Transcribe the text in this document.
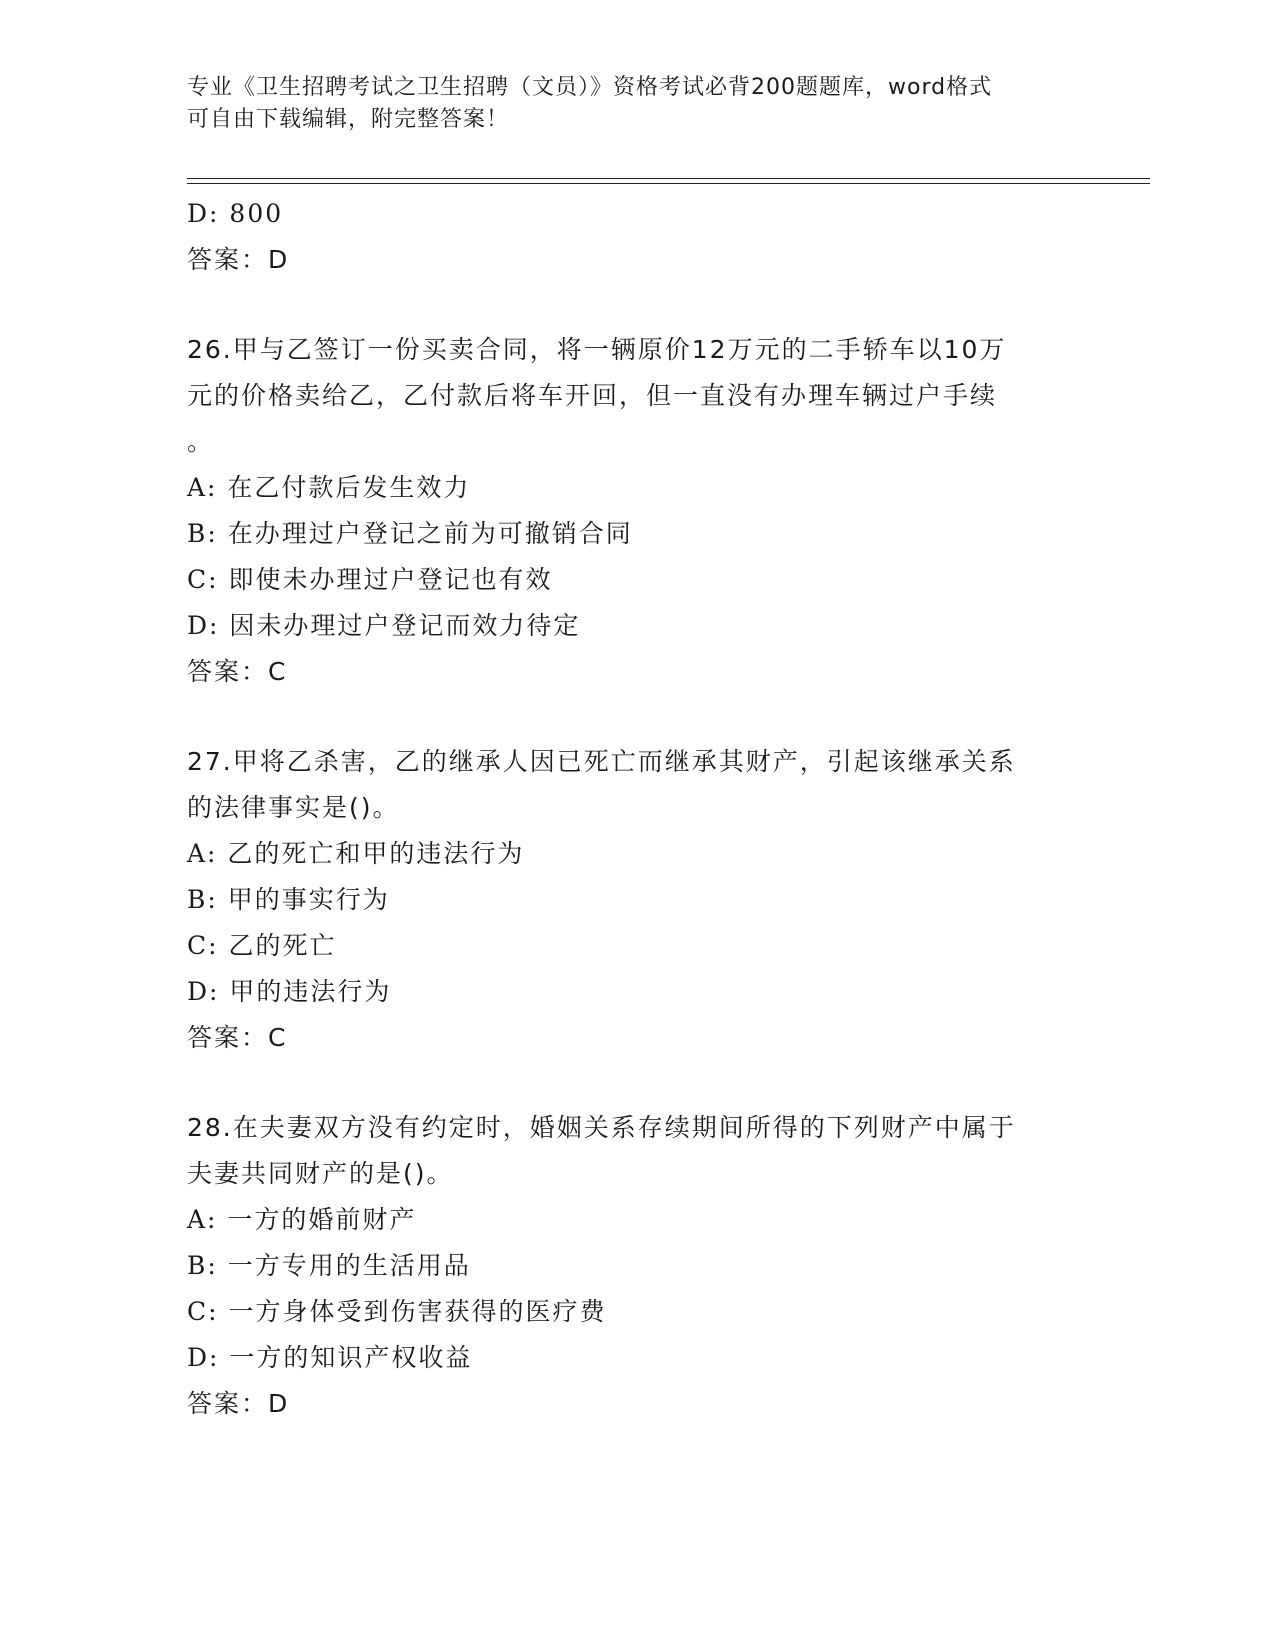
专业《卫生招聘考试之卫生招聘（文员）》资格考试必背200题题库，word格式
可自由下载编辑，附完整答案！
D: 800
答案：D
26.甲与乙签订一份买卖合同，将一辆原价12万元的二手轿车以10万
元的价格卖给乙，乙付款后将车开回，但一直没有办理车辆过户手续
。
A: 在乙付款后发生效力
B: 在办理过户登记之前为可撤销合同
C: 即使未办理过户登记也有效
D: 因未办理过户登记而效力待定
答案：C
27.甲将乙杀害，乙的继承人因已死亡而继承其财产，引起该继承关系
的法律事实是()。
A: 乙的死亡和甲的违法行为
B: 甲的事实行为
C: 乙的死亡
D: 甲的违法行为
答案：C
28.在夫妻双方没有约定时，婚姻关系存续期间所得的下列财产中属于
夫妻共同财产的是()。
A: 一方的婚前财产
B: 一方专用的生活用品
C: 一方身体受到伤害获得的医疗费
D: 一方的知识产权收益
答案：D
